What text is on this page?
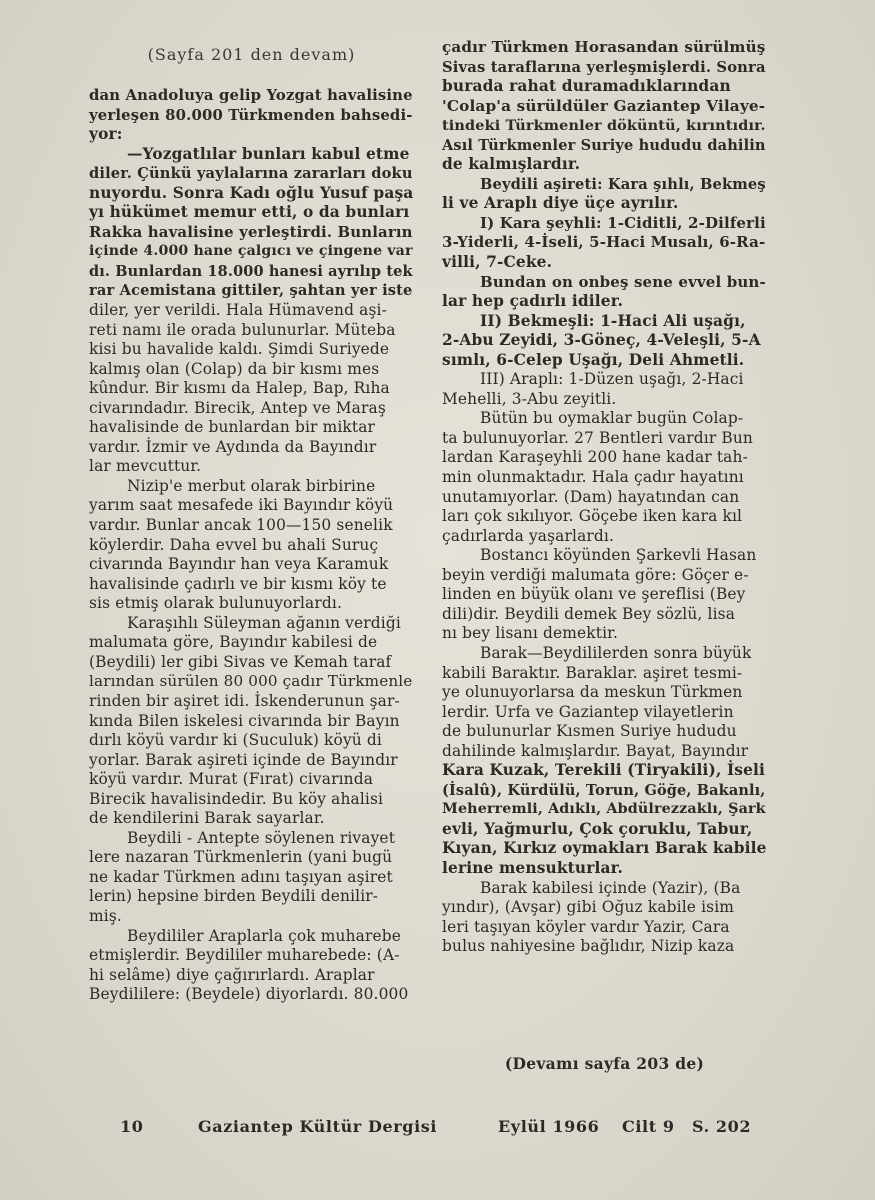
(Sayfa 201 den devam)
dan Anadoluya gelip Yozgat havalisine
yerleşen 80.000 Türkmenden bahsedi-
yor:
—Yozgatlılar bunları kabul etme
diler. Çünkü yaylalarına zararları doku
nuyordu. Sonra Kadı oğlu Yusuf paşa
yı hükümet memur etti, o da bunları
Rakka havalisine yerleştirdi. Bunların
içinde 4.000 hane çalgıcı ve çingene var
dı. Bunlardan 18.000 hanesi ayrılıp tek
rar Acemistana gittiler, şahtan yer iste
diler, yer verildi. Hala Hümavend aşi-
reti namı ile orada bulunurlar. Müteba
kisi bu havalide kaldı. Şimdi Suriyede
kalmış olan (Colap) da bir kısmı mes
kûndur. Bir kısmı da Halep, Bap, Rıha
civarındadır. Birecik, Antep ve Maraş
havalisinde de bunlardan bir miktar
vardır. İzmir ve Aydında da Bayındır
lar mevcuttur.
Nizip'e merbut olarak birbirine
yarım saat mesafede iki Bayındır köyü
vardır. Bunlar ancak 100—150 senelik
köylerdir. Daha evvel bu ahali Suruç
civarında Bayındır han veya Karamuk
havalisinde çadırlı ve bir kısmı köy te
sis etmiş olarak bulunuyorlardı.
Karaşıhlı Süleyman ağanın verdiği
malumata göre, Bayındır kabilesi de
(Beydili) ler gibi Sivas ve Kemah taraf
larından sürülen 80 000 çadır Türkmenle
rinden bir aşiret idi. İskenderunun şar-
kında Bilen iskelesi civarında bir Bayın
dırlı köyü vardır ki (Suculuk) köyü di
yorlar. Barak aşireti içinde de Bayındır
köyü vardır. Murat (Fırat) civarında
Birecik havalisindedir. Bu köy ahalisi
de kendilerini Barak sayarlar.
Beydili - Antepte söylenen rivayet
lere nazaran Türkmenlerin (yani bugü
ne kadar Türkmen adını taşıyan aşiret
lerin) hepsine birden Beydili denilir-
miş.
Beydililer Araplarla çok muharebe
etmişlerdir. Beydililer muharebede: (A-
hi selâme) diye çağırırlardı. Araplar
Beydililere: (Beydele) diyorlardı. 80.000
çadır Türkmen Horasandan sürülmüş
Sivas taraflarına yerleşmişlerdi. Sonra
burada rahat duramadıklarından
'Colap'a sürüldüler Gaziantep Vilaye-
tindeki Türkmenler döküntü, kırıntıdır.
Asıl Türkmenler Suriye hududu dahilin
de kalmışlardır.
Beydili aşireti: Kara şıhlı, Bekmeş
li ve Araplı diye üçe ayrılır.
I) Kara şeyhli: 1-Ciditli, 2-Dilferli
3-Yiderli, 4-İseli, 5-Haci Musalı, 6-Ra-
villi, 7-Ceke.
Bundan on onbeş sene evvel bun-
lar hep çadırlı idiler.
II) Bekmeşli: 1-Haci Ali uşağı,
2-Abu Zeyidi, 3-Göneç, 4-Veleşli, 5-A
sımlı, 6-Celep Uşağı, Deli Ahmetli.
III) Araplı: 1-Düzen uşağı, 2-Haci
Mehelli, 3-Abu zeyitli.
Bütün bu oymaklar bugün Colap-
ta bulunuyorlar. 27 Bentleri vardır Bun
lardan Karaşeyhli 200 hane kadar tah-
min olunmaktadır. Hala çadır hayatını
unutamıyorlar. (Dam) hayatından can
ları çok sıkılıyor. Göçebe iken kara kıl
çadırlarda yaşarlardı.
Bostancı köyünden Şarkevli Hasan
beyin verdiği malumata göre: Göçer e-
linden en büyük olanı ve şereflisi (Bey
dili)dir. Beydili demek Bey sözlü, lisa
nı bey lisanı demektir.
Barak—Beydililerden sonra büyük
kabili Baraktır. Baraklar. aşiret tesmi-
ye olunuyorlarsa da meskun Türkmen
lerdir. Urfa ve Gaziantep vilayetlerin
de bulunurlar Kısmen Suriye hududu
dahilinde kalmışlardır. Bayat, Bayındır
Kara Kuzak, Terekili (Tiryakili), İseli
(İsalû), Kürdülü, Torun, Göğe, Bakanlı,
Meherremli, Adıklı, Abdülrezzaklı, Şark
evli, Yağmurlu, Çok çoruklu, Tabur,
Kıyan, Kırkız oymakları Barak kabile
lerine mensukturlar.
Barak kabilesi içinde (Yazir), (Ba
yındır), (Avşar) gibi Oğuz kabile isim
leri taşıyan köyler vardır Yazir, Cara
bulus nahiyesine bağlıdır, Nizip kaza
(Devamı sayfa 203 de)
10	Gaziantep Kültür Dergisi	Eylül 1966 Cilt 9 S. 202
